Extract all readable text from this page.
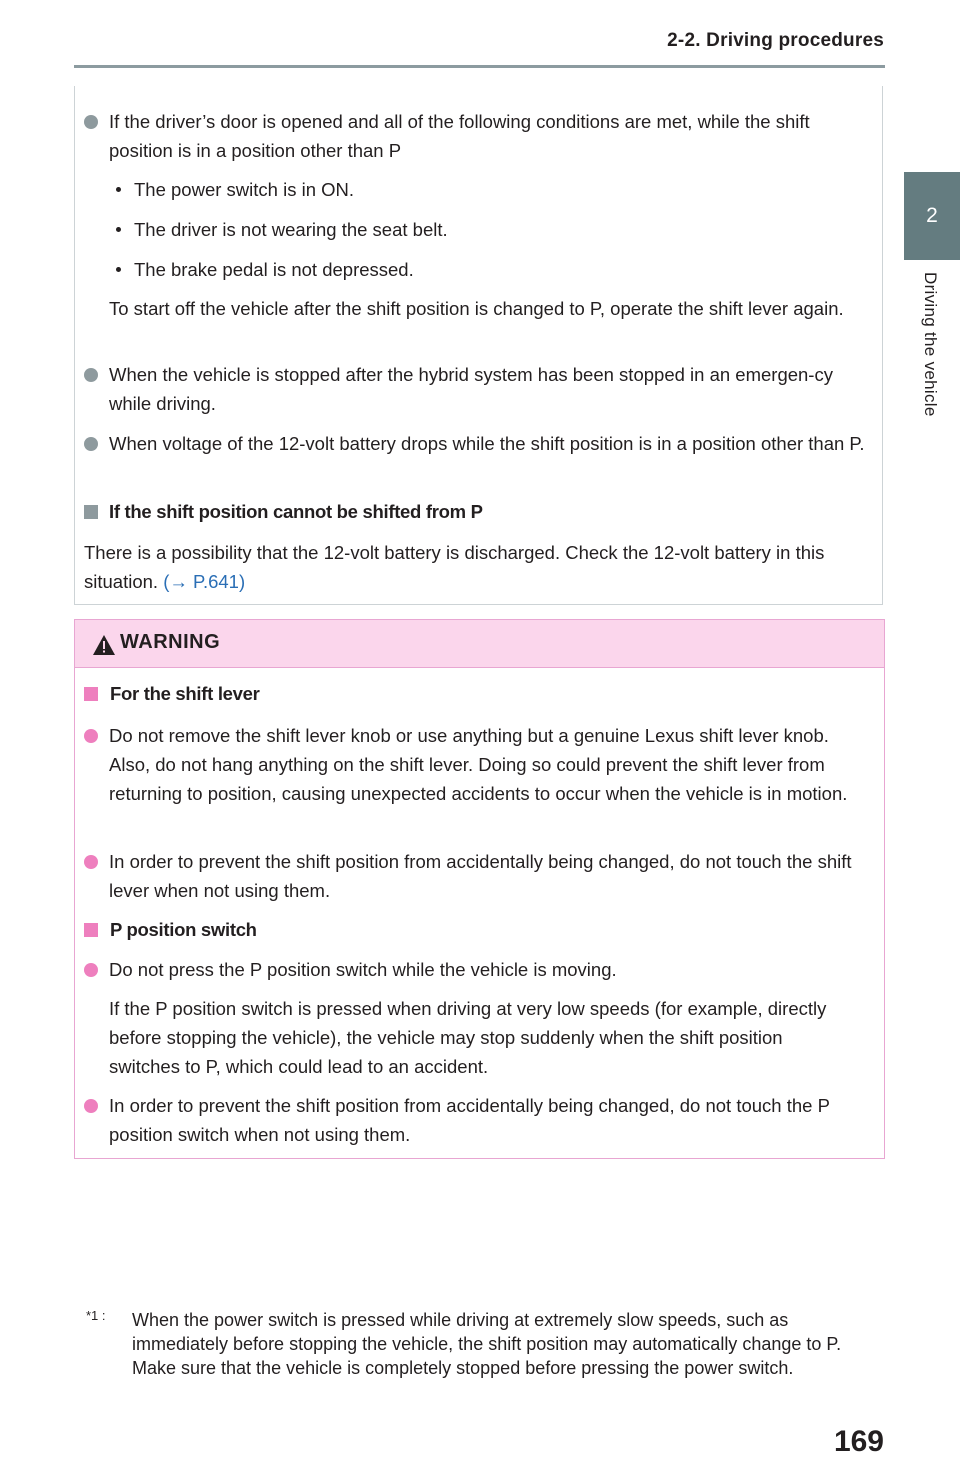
2-2. Driving procedures
2
Driving the vehicle
If the driver’s door is opened and all of the following conditions are met, while the shift position is in a position other than P
The power switch is in ON.
The driver is not wearing the seat belt.
The brake pedal is not depressed.
To start off the vehicle after the shift position is changed to P, operate the shift lever again.
When the vehicle is stopped after the hybrid system has been stopped in an emergen-cy while driving.
When voltage of the 12-volt battery drops while the shift position is in a position other than P.
If the shift position cannot be shifted from P
There is a possibility that the 12-volt battery is discharged. Check the 12-volt battery in this situation. (→ P.641)
WARNING
For the shift lever
Do not remove the shift lever knob or use anything but a genuine Lexus shift lever knob. Also, do not hang anything on the shift lever. Doing so could prevent the shift lever from returning to position, causing unexpected accidents to occur when the vehicle is in motion.
In order to prevent the shift position from accidentally being changed, do not touch the shift lever when not using them.
P position switch
Do not press the P position switch while the vehicle is moving.
If the P position switch is pressed when driving at very low speeds (for example, directly before stopping the vehicle), the vehicle may stop suddenly when the shift position switches to P, which could lead to an accident.
In order to prevent the shift position from accidentally being changed, do not touch the P position switch when not using them.
*1 : When the power switch is pressed while driving at extremely slow speeds, such as immediately before stopping the vehicle, the shift position may automatically change to P. Make sure that the vehicle is completely stopped before pressing the power switch.
169
